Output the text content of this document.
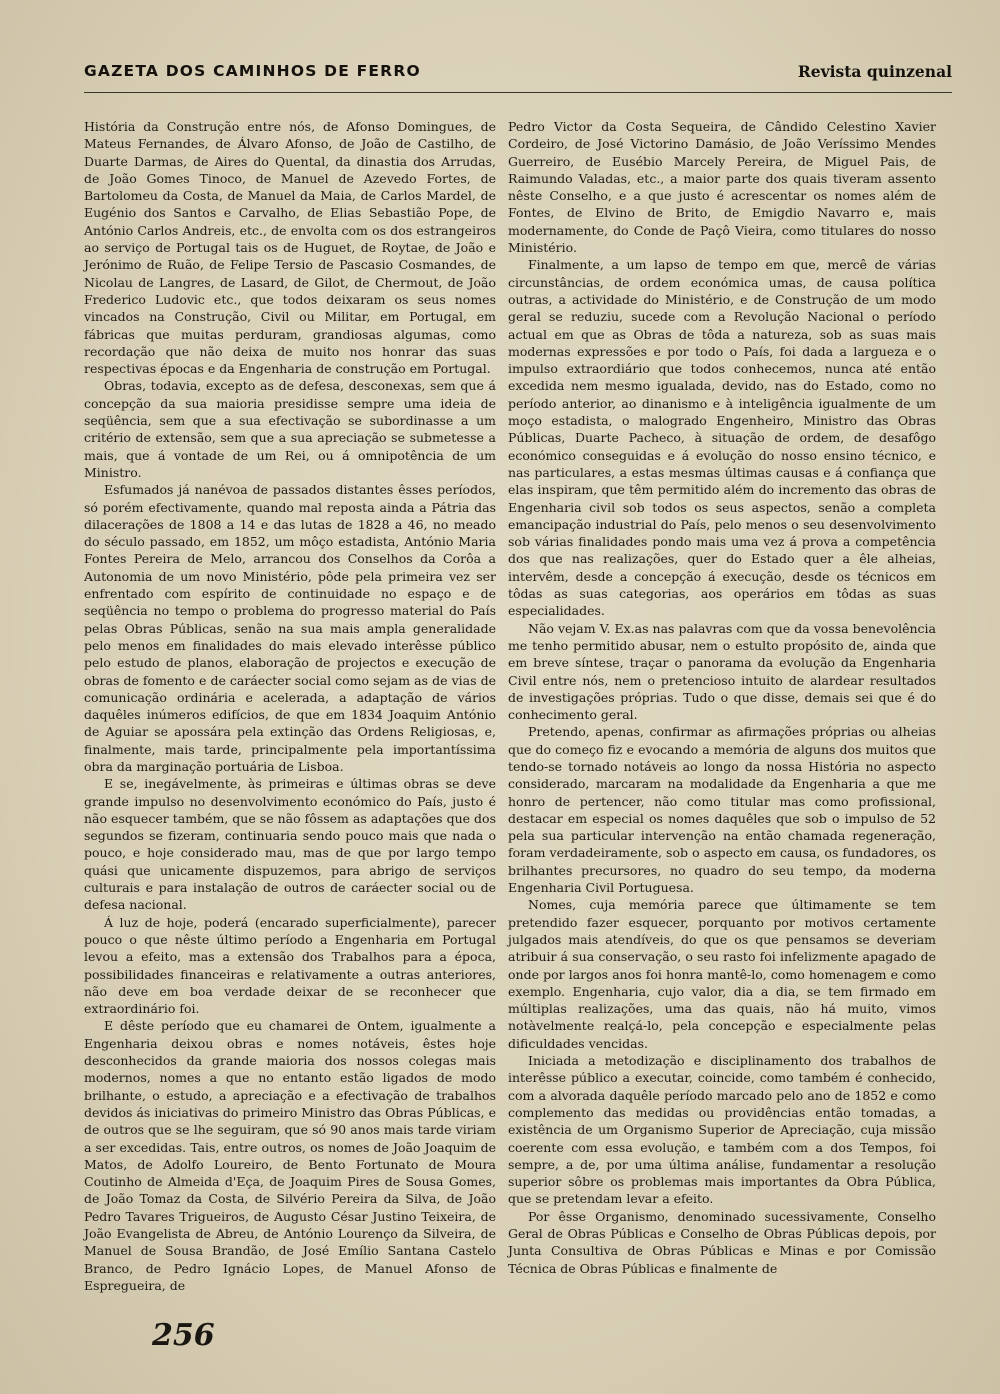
GAZETA DOS CAMINHOS DE FERRO	Revista quinzenal

História da Construção entre nós, de Afonso Domingues, de Mateus Fernandes, de Álvaro Afonso, de João de Castilho, de Duarte Darmas, de Aires do Quental, da dinastia dos Arrudas, de João Gomes Tinoco, de Manuel de Azevedo Fortes, de Bartolomeu da Costa, de Manuel da Maia, de Carlos Mardel, de Eugénio dos Santos e Carvalho, de Elias Sebastião Pope, de António Carlos Andreis, etc., de envolta com os dos estrangeiros ao serviço de Portugal tais os de Huguet, de Roytae, de João e Jerónimo de Ruão, de Felipe Tersio de Pascasio Cosmandes, de Nicolau de Langres, de Lasard, de Gilot, de Chermout, de João Frederico Ludovic etc., que todos deixaram os seus nomes vincados na Construção, Civil ou Militar, em Portugal, em fábricas que muitas perduram, grandiosas algumas, como recordação que não deixa de muito nos honrar das suas respectivas épocas e da Engenharia de construção em Portugal.

Obras, todavia, excepto as de defesa, desconexas, sem que á concepção da sua maioria presidisse sempre uma ideia de seqüência, sem que a sua efectivação se subordinasse a um critério de extensão, sem que a sua apreciação se submetesse a mais, que á vontade de um Rei, ou á omnipotência de um Ministro.

Esfumados já nanévoa de passados distantes êsses períodos, só porém efectivamente, quando mal reposta ainda a Pátria das dilacerações de 1808 a 14 e das lutas de 1828 a 46, no meado do século passado, em 1852, um môço estadista, António Maria Fontes Pereira de Melo, arrancou dos Conselhos da Corôa a Autonomia de um novo Ministério, pôde pela primeira vez ser enfrentado com espírito de continuidade no espaço e de seqüência no tempo o problema do progresso material do País pelas Obras Públicas, senão na sua mais ampla generalidade pelo menos em finalidades do mais elevado interêsse público pelo estudo de planos, elaboração de projectos e execução de obras de fomento e de caráecter social como sejam as de vias de comunicação ordinária e acelerada, a adaptação de vários daquêles inúmeros edifícios, de que em 1834 Joaquim António de Aguiar se apossára pela extinção das Ordens Religiosas, e, finalmente, mais tarde, principalmente pela importantíssima obra da marginação portuária de Lisboa.

E se, inegávelmente, às primeiras e últimas obras se deve grande impulso no desenvolvimento económico do País, justo é não esquecer também, que se não fôssem as adaptações que dos segundos se fizeram, continuaria sendo pouco mais que nada o pouco, e hoje considerado mau, mas de que por largo tempo quási que unicamente dispuzemos, para abrigo de serviços culturais e para instalação de outros de caráecter social ou de defesa nacional.

Á luz de hoje, poderá (encarado superficialmente), parecer pouco o que nêste último período a Engenharia em Portugal levou a efeito, mas a extensão dos Trabalhos para a época, possibilidades financeiras e relativamente a outras anteriores, não deve em boa verdade deixar de se reconhecer que extraordinário foi.

E dêste período que eu chamarei de Ontem, igualmente a Engenharia deixou obras e nomes notáveis, êstes hoje desconhecidos da grande maioria dos nossos colegas mais modernos, nomes a que no entanto estão ligados de modo brilhante, o estudo, a apreciação e a efectivação de trabalhos devidos ás iniciativas do primeiro Ministro das Obras Públicas, e de outros que se lhe seguiram, que só 90 anos mais tarde viriam a ser excedidas. Tais, entre outros, os nomes de João Joaquim de Matos, de Adolfo Loureiro, de Bento Fortunato de Moura Coutinho de Almeida d'Eça, de Joaquim Pires de Sousa Gomes, de João Tomaz da Costa, de Silvério Pereira da Silva, de João Pedro Tavares Trigueiros, de Augusto César Justino Teixeira, de João Evangelista de Abreu, de António Lourenço da Silveira, de Manuel de Sousa Brandão, de José Emílio Santana Castelo Branco, de Pedro Ignácio Lopes, de Manuel Afonso de Espregueira, de

Pedro Victor da Costa Sequeira, de Cândido Celestino Xavier Cordeiro, de José Victorino Damásio, de João Veríssimo Mendes Guerreiro, de Eusébio Marcely Pereira, de Miguel Pais, de Raimundo Valadas, etc., a maior parte dos quais tiveram assento nêste Conselho, e a que justo é acrescentar os nomes além de Fontes, de Elvino de Brito, de Emigdio Navarro e, mais modernamente, do Conde de Paçô Vieira, como titulares do nosso Ministério.

Finalmente, a um lapso de tempo em que, mercê de várias circunstâncias, de ordem económica umas, de causa política outras, a actividade do Ministério, e de Construção de um modo geral se reduziu, sucede com a Revolução Nacional o período actual em que as Obras de tôda a natureza, sob as suas mais modernas expressões e por todo o País, foi dada a largueza e o impulso extraordiário que todos conhecemos, nunca até então excedida nem mesmo igualada, devido, nas do Estado, como no período anterior, ao dinanismo e à inteligência igualmente de um moço estadista, o malogrado Engenheiro, Ministro das Obras Públicas, Duarte Pacheco, à situação de ordem, de desafôgo económico conseguidas e á evolução do nosso ensino técnico, e nas particulares, a estas mesmas últimas causas e á confiança que elas inspiram, que têm permitido além do incremento das obras de Engenharia civil sob todos os seus aspectos, senão a completa emancipação industrial do País, pelo menos o seu desenvolvimento sob várias finalidades pondo mais uma vez á prova a competência dos que nas realizações, quer do Estado quer a êle alheias, intervêm, desde a concepção á execução, desde os técnicos em tôdas as suas categorias, aos operários em tôdas as suas especialidades.

Não vejam V. Ex.as nas palavras com que da vossa benevolência me tenho permitido abusar, nem o estulto propósito de, ainda que em breve síntese, traçar o panorama da evolução da Engenharia Civil entre nós, nem o pretencioso intuito de alardear resultados de investigações próprias. Tudo o que disse, demais sei que é do conhecimento geral.

Pretendo, apenas, confirmar as afirmações próprias ou alheias que do começo fiz e evocando a memória de alguns dos muitos que tendo-se tornado notáveis ao longo da nossa História no aspecto considerado, marcaram na modalidade da Engenharia a que me honro de pertencer, não como titular mas como profissional, destacar em especial os nomes daquêles que sob o impulso de 52 pela sua particular intervenção na então chamada regeneração, foram verdadeiramente, sob o aspecto em causa, os fundadores, os brilhantes precursores, no quadro do seu tempo, da moderna Engenharia Civil Portuguesa.

Nomes, cuja memória parece que últimamente se tem pretendido fazer esquecer, porquanto por motivos certamente julgados mais atendíveis, do que os que pensamos se deveriam atribuir á sua conservação, o seu rasto foi infelizmente apagado de onde por largos anos foi honra mantê-lo, como homenagem e como exemplo. Engenharia, cujo valor, dia a dia, se tem firmado em múltiplas realizações, uma das quais, não há muito, vimos notàvelmente realçá-lo, pela concepção e especialmente pelas dificuldades vencidas.

Iniciada a metodização e disciplinamento dos trabalhos de interêsse público a executar, coincide, como também é conhecido, com a alvorada daquêle período marcado pelo ano de 1852 e como complemento das medidas ou providências então tomadas, a existência de um Organismo Superior de Apreciação, cuja missão coerente com essa evolução, e também com a dos Tempos, foi sempre, a de, por uma última análise, fundamentar a resolução superior sôbre os problemas mais importantes da Obra Pública, que se pretendam levar a efeito.

Por êsse Organismo, denominado sucessivamente, Conselho Geral de Obras Públicas e Conselho de Obras Públicas depois, por Junta Consultiva de Obras Públicas e Minas e por Comissão Técnica de Obras Públicas e finalmente de

256
